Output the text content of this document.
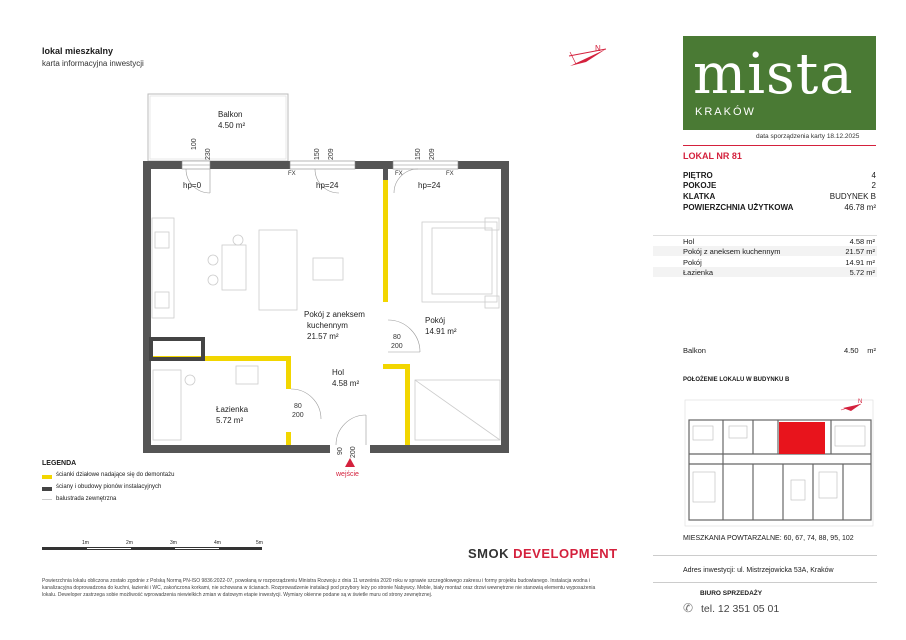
lokal mieszkalny
karta informacyjna inwestycji
N
Balkon
4.50 m²
100
230	150 209	150 209
FX	FX	FX
hp=0	hp=24	hp=24
Pokój z aneksem
kuchennym
21.57 m²
Pokój
14.91 m²
Hol
4.58 m²
Łazienka
5.72 m²
80
200
80
200
90 200
wejście
LEGENDA
ścianki działowe nadające się do demontażu
ściany i obudowy pionów instalacyjnych
balustrada zewnętrzna
1m	2m	3m	4m	5m
SMOK DEVELOPMENT
Powierzchnia lokalu obliczona zostało zgodnie z Polską Normą PN-ISO 9836:2022-07, powołaną w rozporządzeniu Ministra Rozwoju z dnia 11 września 2020 roku w sprawie szczegółowego zakresu i formy projektu budowlanego. Instalacja wodna i kanalizacyjna doprowadzona do kuchni, łazienki i WC, zakończona korkami, nie schowana w ścianach. Rozprowadzenie instalacji pod przybory leży po stronie Nabywcy. Meble, biały montaż oraz drzwi wewnętrzne nie stanowią elementu wyposażenia lokalu. Deweloper zastrzega sobie możliwość wprowadzenia niewielkich zmian w datowym etapie inwestycji. Wymiary okienne podane są w świetle muru od strony zewnętrznej.
mista
KRAKÓW
data sporządzenia karty 18.12.2025
LOKAL NR 81
PIĘTRO	4
POKOJE	2
KLATKA	BUDYNEK B
POWIERZCHNIA UŻYTKOWA	46.78 m²
Hol	4.58 m²
Pokój z aneksem kuchennym	21.57 m²
Pokój	14.91 m²
Łazienka	5.72 m²
Balkon	4.50 m²
POŁOŻENIE LOKALU W BUDYNKU B
N
MIESZKANIA POWTARZALNE: 60, 67, 74, 88, 95, 102
Adres inwestycji: ul. Mistrzejowicka 53A, Kraków
BIURO SPRZEDAŻY
✆ tel. 12 351 05 01
